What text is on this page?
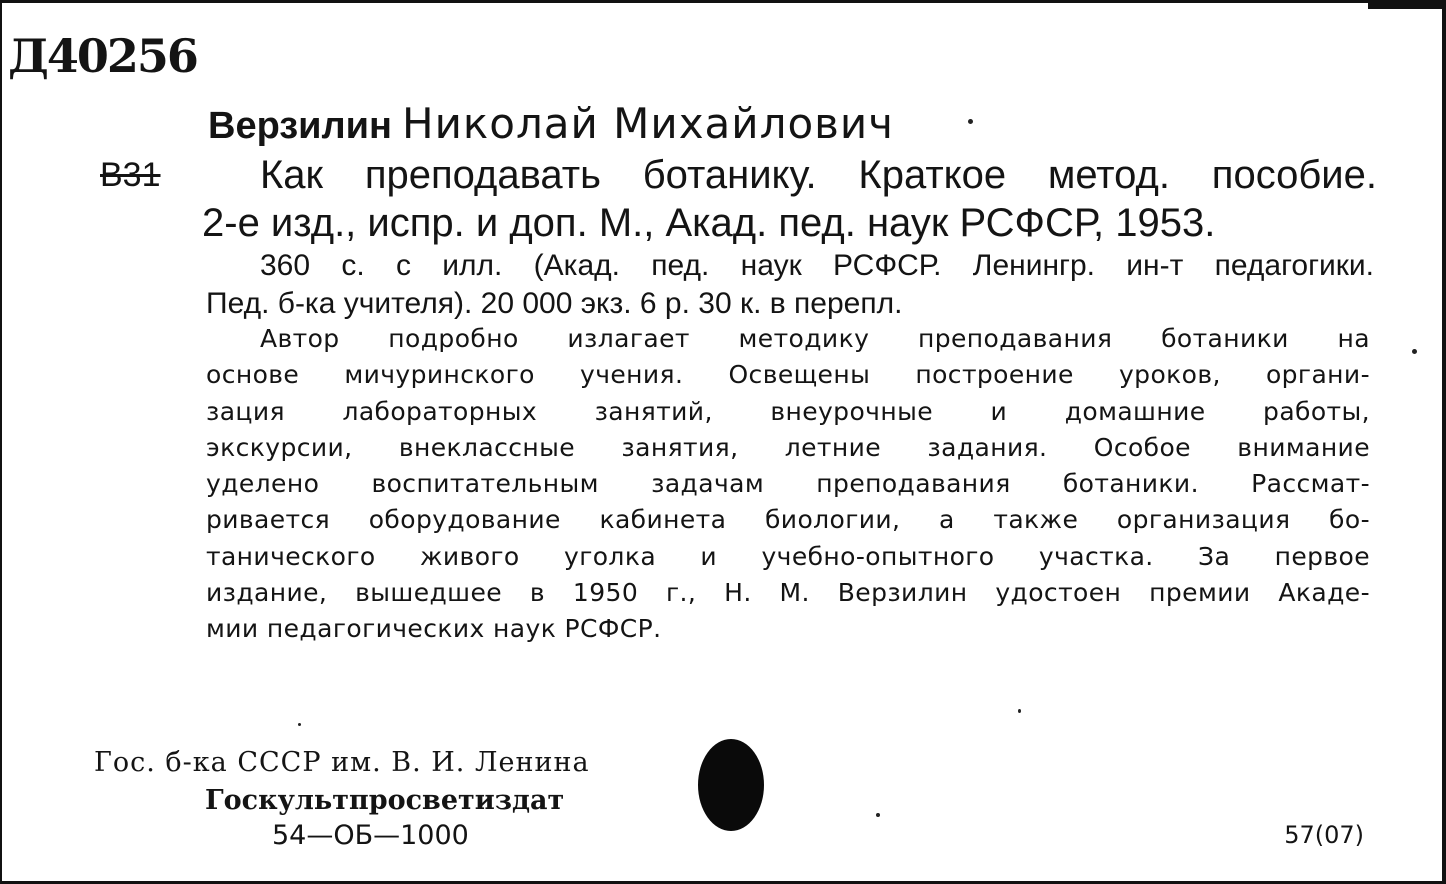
Д40256
Верзилин Николай Михайлович
В31	Как преподавать ботанику. Краткое метод. пособие.
2-е изд., испр. и доп. М., Акад. пед. наук РСФСР, 1953.
360 с. с илл. (Акад. пед. наук РСФСР. Ленингр. ин-т педагогики.
Пед. б-ка учителя). 20 000 экз. 6 р. 30 к. в перепл.
Автор подробно излагает методику преподавания ботаники на
основе мичуринского учения. Освещены построение уроков, органи-
зация лабораторных занятий, внеурочные и домашние работы,
экскурсии, внеклассные занятия, летние задания. Особое внимание
уделено воспитательным задачам преподавания ботаники. Рассмат-
ривается оборудование кабинета биологии, а также организация бо-
танического живого уголка и учебно-опытного участка. За первое
издание, вышедшее в 1950 г., Н. М. Верзилин удостоен премии Акаде-
мии педагогических наук РСФСР.
Гос. б-ка СССР им. В. И. Ленина
Госкультпросветиздат
54—ОБ—1000	57(07)
